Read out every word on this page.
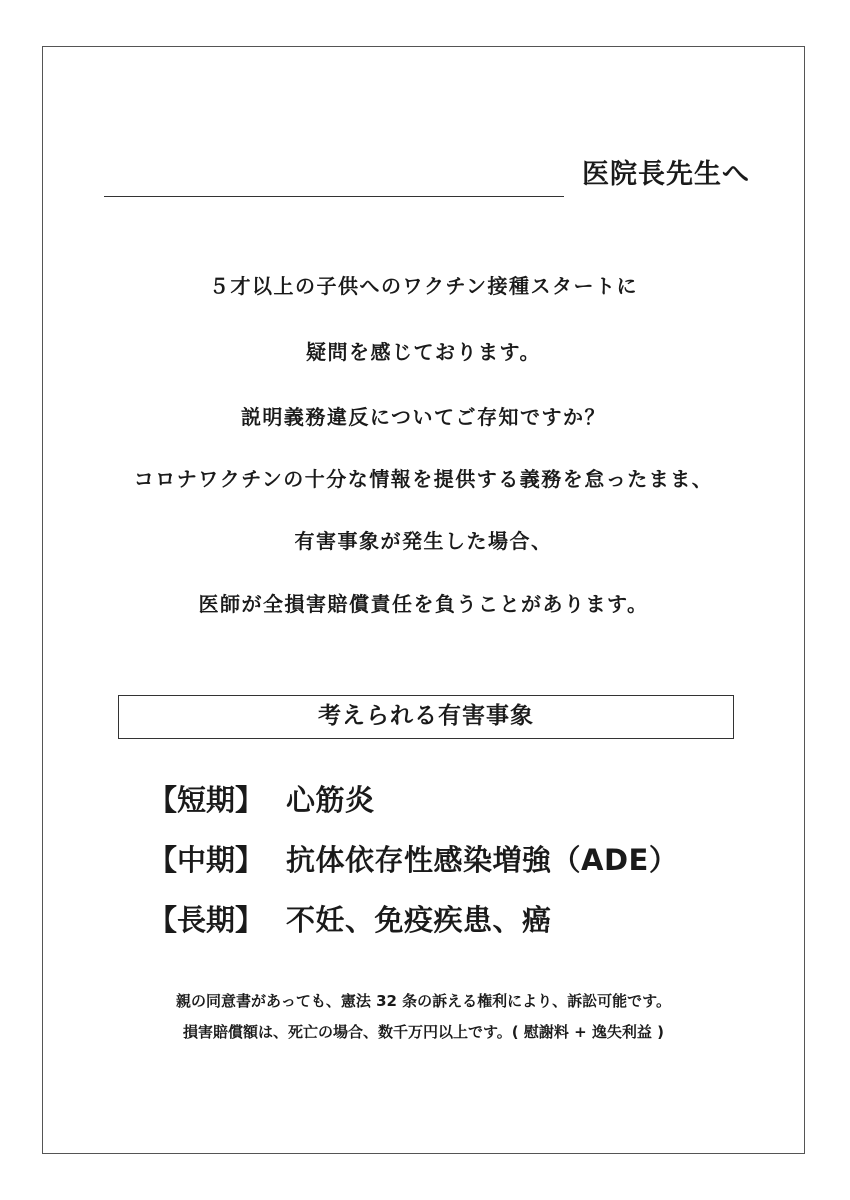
医院長先生へ
５才以上の子供へのワクチン接種スタートに
疑問を感じております。
説明義務違反についてご存知ですか？
コロナワクチンの十分な情報を提供する義務を怠ったまま、
有害事象が発生した場合、
医師が全損害賠償責任を負うことがあります。
考えられる有害事象
【短期】 心筋炎
【中期】 抗体依存性感染増強（ADE）
【長期】 不妊、免疫疾患、癌
親の同意書があっても、憲法 32 条の訴える権利により、訴訟可能です。
損害賠償額は、死亡の場合、数千万円以上です。( 慰謝料 + 逸失利益 )
